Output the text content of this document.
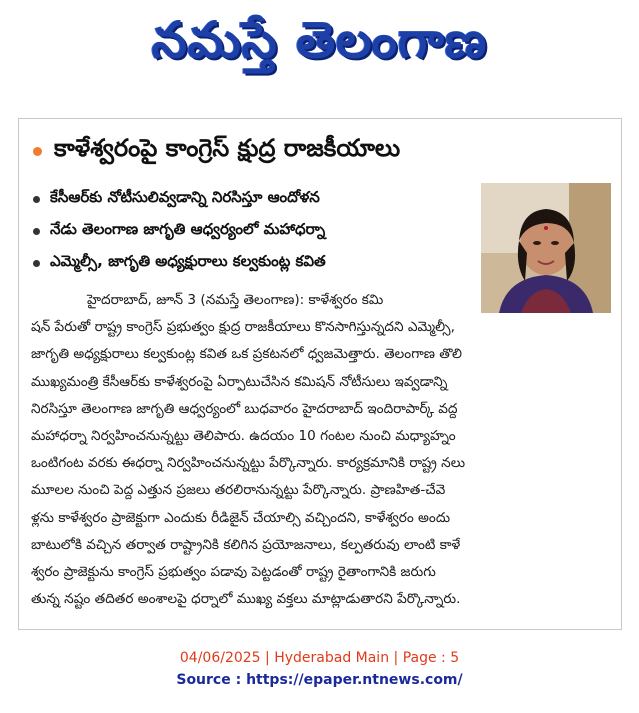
నమస్తే తెలంగాణ
కాళేశ్వరంపై కాంగ్రెస్ క్షుద్ర రాజకీయాలు
కేసీఆర్‌కు నోటీసులివ్వడాన్ని నిరసిస్తూ ఆందోళన
నేడు తెలంగాణ జాగృతి ఆధ్వర్యంలో మహాధర్నా
ఎమ్మెల్సీ, జాగృతి అధ్యక్షురాలు కల్వకుంట్ల కవిత
హైదరాబాద్, జూన్ 3 (నమస్తే తెలంగాణ): కాళేశ్వరం కమి
షన్ పేరుతో రాష్ట్ర కాంగ్రెస్ ప్రభుత్వం క్షుద్ర రాజకీయాలు కొనసాగిస్తున్నదని ఎమ్మెల్సీ,
జాగృతి అధ్యక్షురాలు కల్వకుంట్ల కవిత ఒక ప్రకటనలో ధ్వజమెత్తారు. తెలంగాణ తొలి
ముఖ్యమంత్రి కేసీఆర్‌కు కాళేశ్వరంపై ఏర్పాటుచేసిన కమిషన్ నోటీసులు ఇవ్వడాన్ని
నిరసిస్తూ తెలంగాణ జాగృతి ఆధ్వర్యంలో బుధవారం హైదరాబాద్ ఇందిరాపార్క్ వద్ద
మహాధర్నా నిర్వహించనున్నట్టు తెలిపారు. ఉదయం 10 గంటల నుంచి మధ్యాహ్నం
ఒంటిగంట వరకు ఈధర్నా నిర్వహించనున్నట్టు పేర్కొన్నారు. కార్యక్రమానికి రాష్ట్ర నలు
మూలల నుంచి పెద్ద ఎత్తున ప్రజలు తరలిరానున్నట్టు పేర్కొన్నారు. ప్రాణహిత-చేవె
ళ్లను కాళేశ్వరం ప్రాజెక్టుగా ఎందుకు రీడిజైన్ చేయాల్సి వచ్చిందని, కాళేశ్వరం అందు
బాటులోకి వచ్చిన తర్వాత రాష్ట్రానికి కలిగిన ప్రయోజనాలు, కల్పతరువు లాంటి కాళే
శ్వరం ప్రాజెక్టును కాంగ్రెస్ ప్రభుత్వం పడావు పెట్టడంతో రాష్ట్ర రైతాంగానికి జరుగు
తున్న నష్టం తదితర అంశాలపై ధర్నాలో ముఖ్య వక్తలు మాట్లాడుతారని పేర్కొన్నారు.
04/06/2025 | Hyderabad Main | Page : 5
Source : https://epaper.ntnews.com/
